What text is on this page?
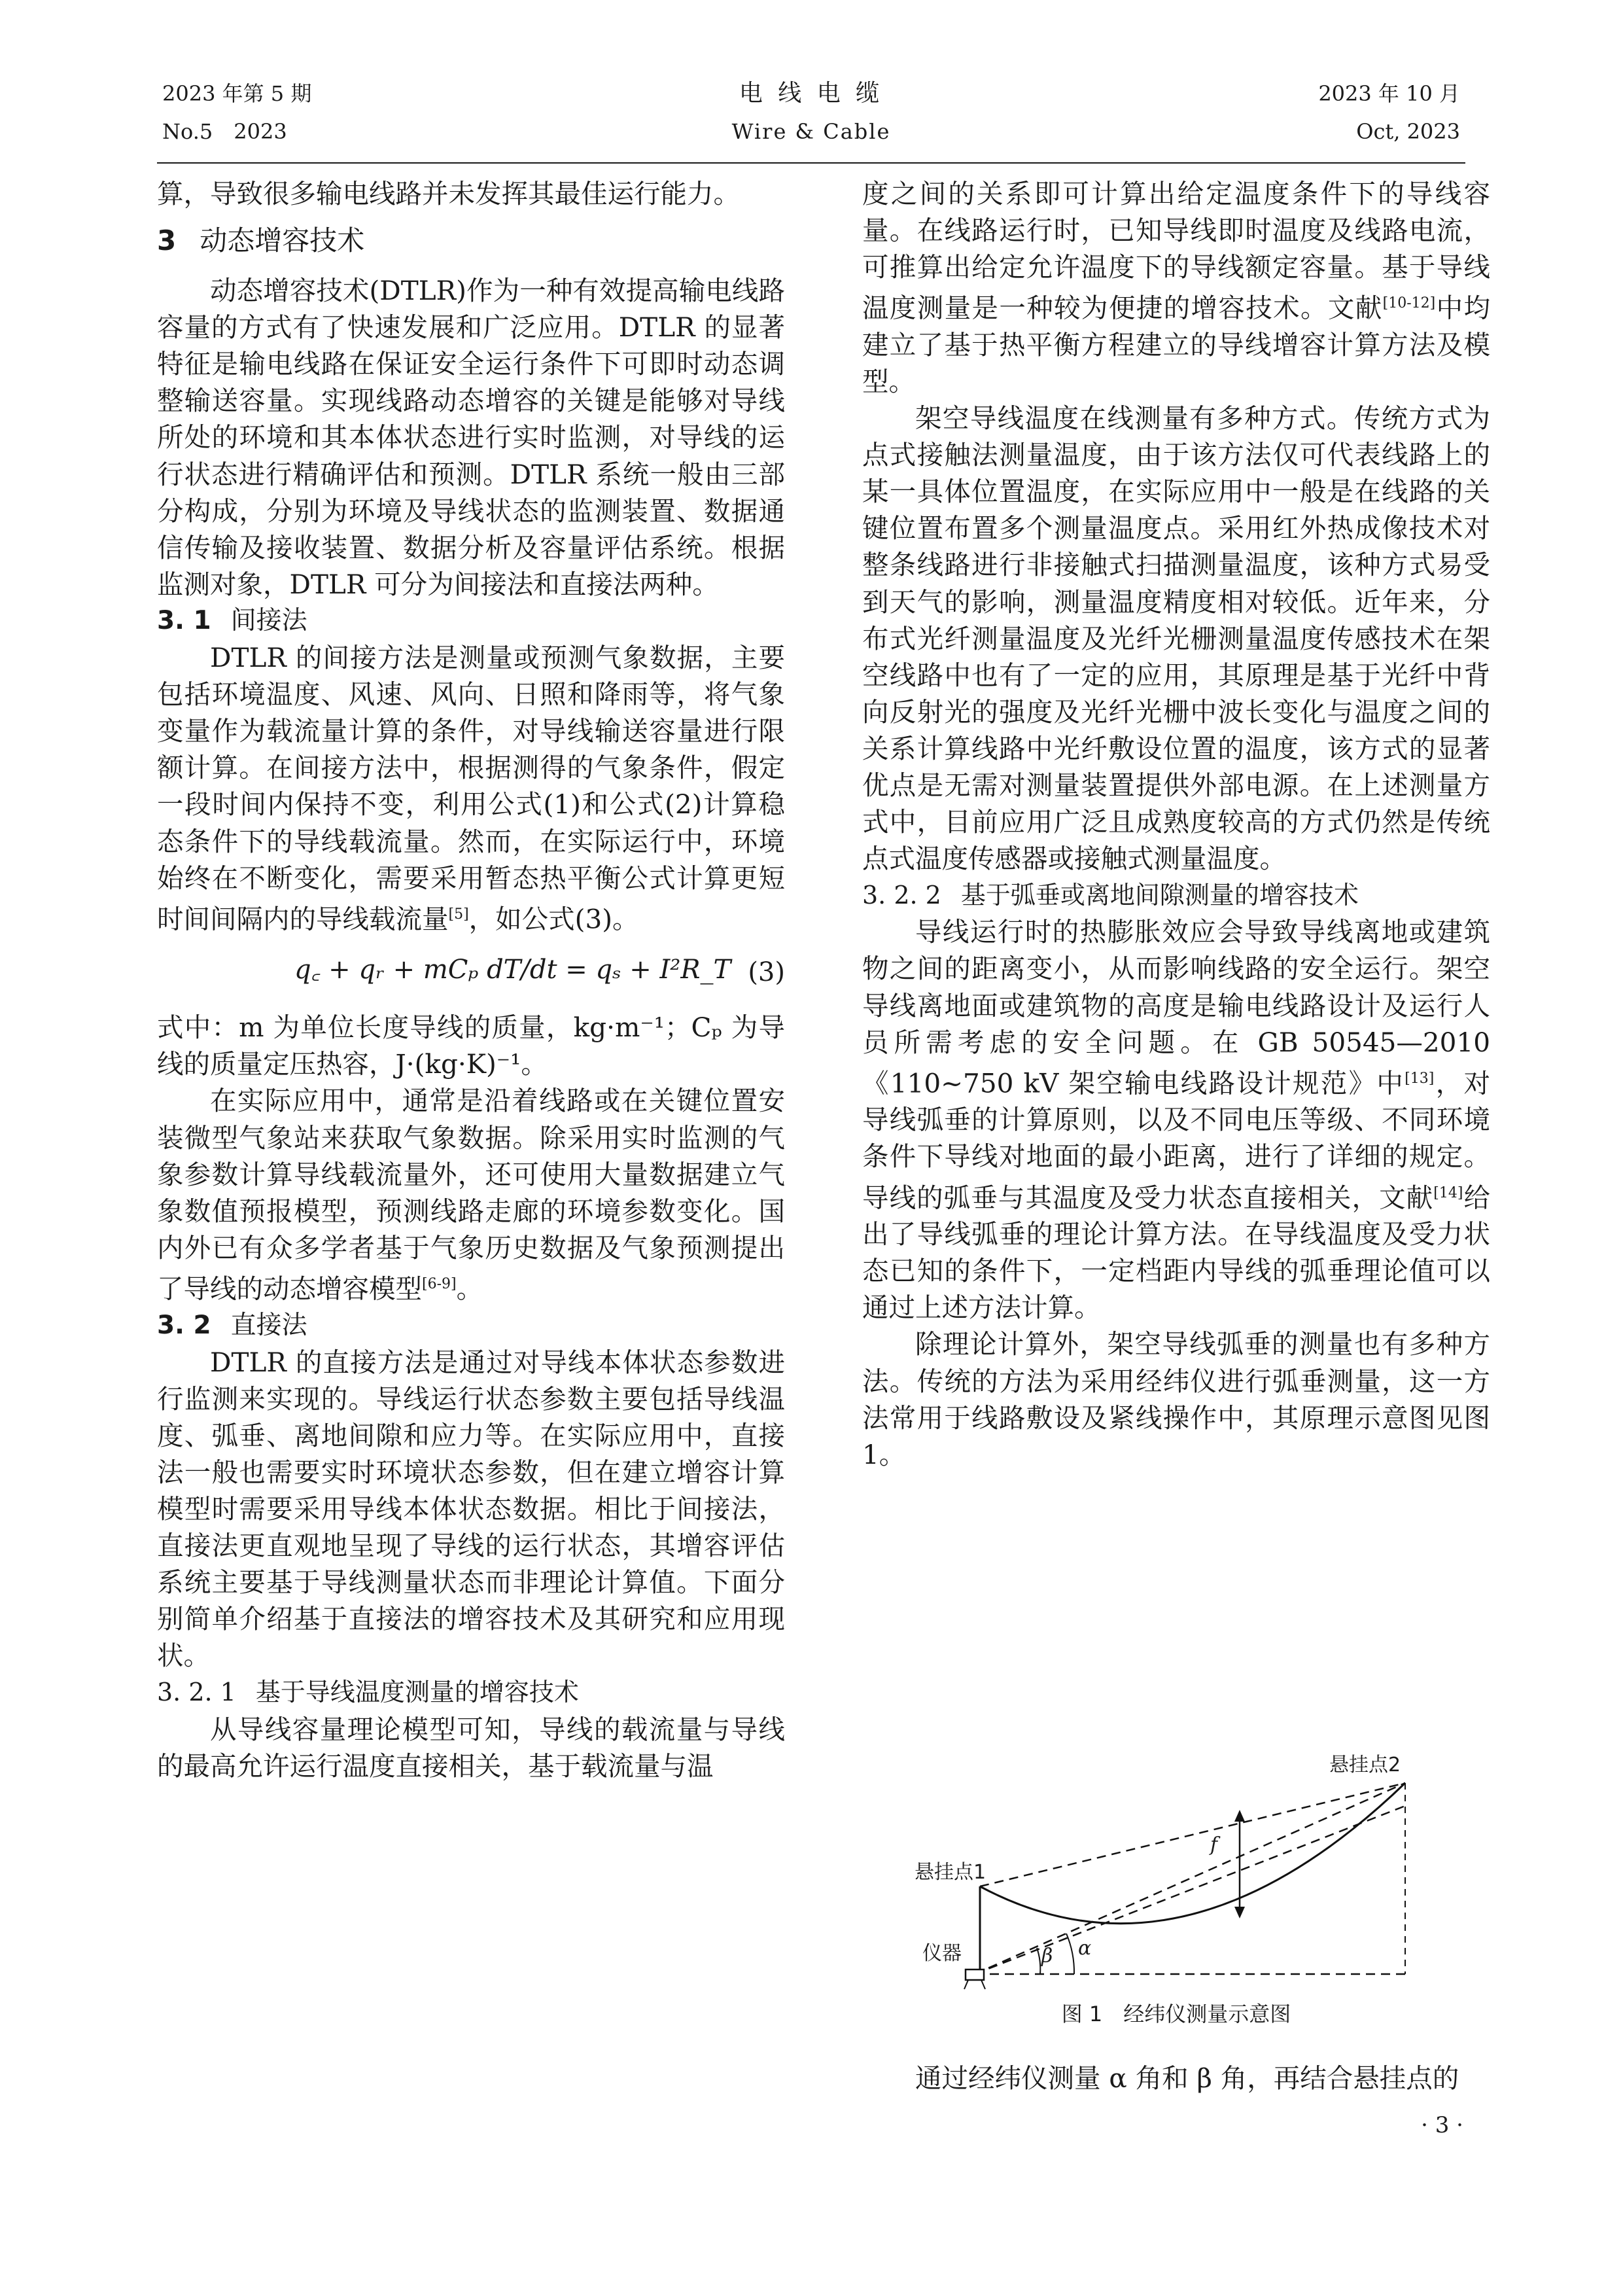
2023 年第 5 期
No.5　2023
电 线 电 缆
Wire & Cable
2023 年 10 月
Oct, 2023

算，导致很多输电线路并未发挥其最佳运行能力。

3 动态增容技术

动态增容技术(DTLR)作为一种有效提高输电线路容量的方式有了快速发展和广泛应用。DTLR 的显著特征是输电线路在保证安全运行条件下可即时动态调整输送容量。实现线路动态增容的关键是能够对导线所处的环境和其本体状态进行实时监测，对导线的运行状态进行精确评估和预测。DTLR 系统一般由三部分构成，分别为环境及导线状态的监测装置、数据通信传输及接收装置、数据分析及容量评估系统。根据监测对象，DTLR 可分为间接法和直接法两种。

3. 1 间接法

DTLR 的间接方法是测量或预测气象数据，主要包括环境温度、风速、风向、日照和降雨等，将气象变量作为载流量计算的条件，对导线输送容量进行限额计算。在间接方法中，根据测得的气象条件，假定一段时间内保持不变，利用公式(1)和公式(2)计算稳态条件下的导线载流量。然而，在实际运行中，环境始终在不断变化，需要采用暂态热平衡公式计算更短时间间隔内的导线载流量[5]，如公式(3)。

q꜀ + qᵣ + mCₚ dT/dt = qₛ + I²R_T (3)

式中：m 为单位长度导线的质量，kg·m⁻¹；Cₚ 为导线的质量定压热容，J·(kg·K)⁻¹。

在实际应用中，通常是沿着线路或在关键位置安装微型气象站来获取气象数据。除采用实时监测的气象参数计算导线载流量外，还可使用大量数据建立气象数值预报模型，预测线路走廊的环境参数变化。国内外已有众多学者基于气象历史数据及气象预测提出了导线的动态增容模型[6-9]。

3. 2 直接法

DTLR 的直接方法是通过对导线本体状态参数进行监测来实现的。导线运行状态参数主要包括导线温度、弧垂、离地间隙和应力等。在实际应用中，直接法一般也需要实时环境状态参数，但在建立增容计算模型时需要采用导线本体状态数据。相比于间接法，直接法更直观地呈现了导线的运行状态，其增容评估系统主要基于导线测量状态而非理论计算值。下面分别简单介绍基于直接法的增容技术及其研究和应用现状。

3. 2. 1 基于导线温度测量的增容技术

从导线容量理论模型可知，导线的载流量与导线的最高允许运行温度直接相关，基于载流量与温

度之间的关系即可计算出给定温度条件下的导线容量。在线路运行时，已知导线即时温度及线路电流，可推算出给定允许温度下的导线额定容量。基于导线温度测量是一种较为便捷的增容技术。文献[10-12]中均建立了基于热平衡方程建立的导线增容计算方法及模型。

架空导线温度在线测量有多种方式。传统方式为点式接触法测量温度，由于该方法仅可代表线路上的某一具体位置温度，在实际应用中一般是在线路的关键位置布置多个测量温度点。采用红外热成像技术对整条线路进行非接触式扫描测量温度，该种方式易受到天气的影响，测量温度精度相对较低。近年来，分布式光纤测量温度及光纤光栅测量温度传感技术在架空线路中也有了一定的应用，其原理是基于光纤中背向反射光的强度及光纤光栅中波长变化与温度之间的关系计算线路中光纤敷设位置的温度，该方式的显著优点是无需对测量装置提供外部电源。在上述测量方式中，目前应用广泛且成熟度较高的方式仍然是传统点式温度传感器或接触式测量温度。

3. 2. 2 基于弧垂或离地间隙测量的增容技术

导线运行时的热膨胀效应会导致导线离地或建筑物之间的距离变小，从而影响线路的安全运行。架空导线离地面或建筑物的高度是输电线路设计及运行人员所需考虑的安全问题。在 GB 50545—2010《110~750 kV 架空输电线路设计规范》中[13]，对导线弧垂的计算原则，以及不同电压等级、不同环境条件下导线对地面的最小距离，进行了详细的规定。导线的弧垂与其温度及受力状态直接相关，文献[14]给出了导线弧垂的理论计算方法。在导线温度及受力状态已知的条件下，一定档距内导线的弧垂理论值可以通过上述方法计算。

除理论计算外，架空导线弧垂的测量也有多种方法。传统的方法为采用经纬仪进行弧垂测量，这一方法常用于线路敷设及紧线操作中，其原理示意图见图 1。

悬挂点1
悬挂点2
仪器
f
β α
图 1　经纬仪测量示意图

通过经纬仪测量 α 角和 β 角，再结合悬挂点的

· 3 ·
